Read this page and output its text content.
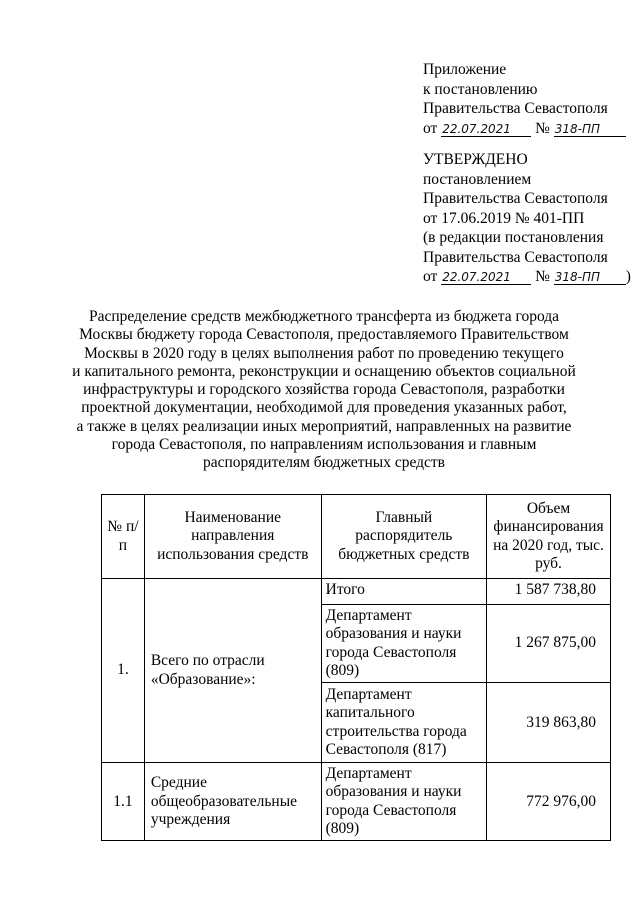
Приложение
к постановлению
Правительства Севастополя
от 22.07.2021 № 318-ПП
УТВЕРЖДЕНО
постановлением
Правительства Севастополя
от 17.06.2019 № 401-ПП
(в редакции постановления
Правительства Севастополя
от 22.07.2021 № 318-ПП )
Распределение средств межбюджетного трансферта из бюджета города
Москвы бюджету города Севастополя, предоставляемого Правительством
Москвы в 2020 году в целях выполнения работ по проведению текущего
и капитального ремонта, реконструкции и оснащению объектов социальной
инфраструктуры и городского хозяйства города Севастополя, разработки
проектной документации, необходимой для проведения указанных работ,
а также в целях реализации иных мероприятий, направленных на развитие
города Севастополя, по направлениям использования и главным
распорядителям бюджетных средств
№ п/п	Наименование направления использования средств	Главный распорядитель бюджетных средств	Объем финансирования на 2020 год, тыс. руб.
1.	Всего по отрасли «Образование»:	Итого	1 587 738,80
		Департамент образования и науки города Севастополя (809)	1 267 875,00
		Департамент капитального строительства города Севастополя (817)	319 863,80
1.1	Средние общеобразовательные учреждения	Департамент образования и науки города Севастополя (809)	772 976,00
